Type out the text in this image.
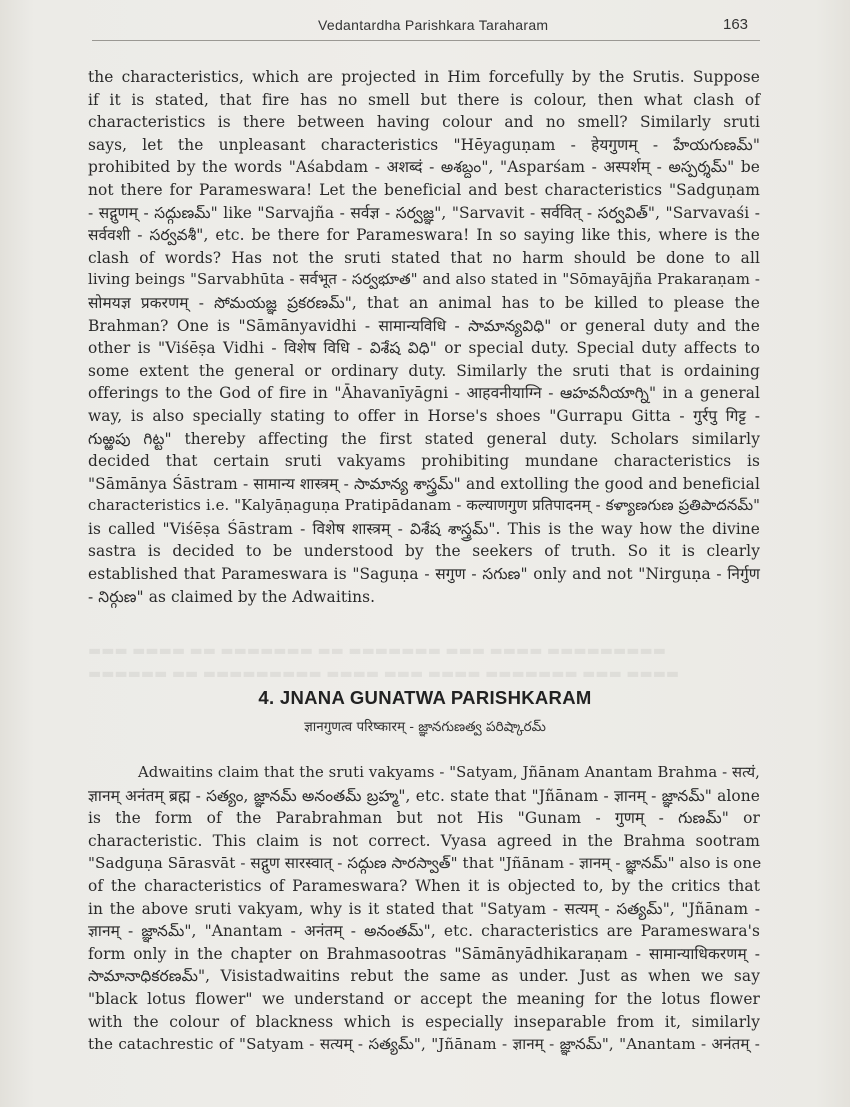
Vedantardha Parishkara Taraharam	163
the characteristics, which are projected in Him forcefully by the Srutis. Suppose
if it is stated, that fire has no smell but there is colour, then what clash of
characteristics is there between having colour and no smell? Similarly sruti
says, let the unpleasant characteristics "Hēyaguṇam - हेयगुणम् - హేయగుణమ్"
prohibited by the words "Aśabdam - अशब्दं - అశబ్దం", "Asparśam - अस्पर्शम् - అస్పర్శమ్" be
not there for Parameswara! Let the beneficial and best characteristics "Sadguṇam
- सद्गुणम् - సద్గుణమ్" like "Sarvajña - सर्वज्ञ - సర్వజ్ఞ", "Sarvavit - सर्ववित् - సర్వవిత్", "Sarvavaśi -
सर्ववशी - సర్వవశీ", etc. be there for Parameswara! In so saying like this, where is the
clash of words? Has not the sruti stated that no harm should be done to all
living beings "Sarvabhūta - सर्वभूत - సర్వభూత" and also stated in "Sōmayājña Prakaraṇam -
सोमयज्ञ प्रकरणम् - సోమయజ్ఞ ప్రకరణమ్", that an animal has to be killed to please the
Brahman? One is "Sāmānyavidhi - सामान्यविधि - సామాన్యవిధి" or general duty and the
other is "Viśēṣa Vidhi - विशेष विधि - విశేష విధి" or special duty. Special duty affects to
some extent the general or ordinary duty. Similarly the sruti that is ordaining
offerings to the God of fire in "Āhavanīyāgni - आहवनीयाग्नि - ఆహవనీయాగ్ని" in a general
way, is also specially stating to offer in Horse's shoes "Gurrapu Gitta - गुर्रपु गिट्ट -
గుఱ్ఱపు గిట్ట" thereby affecting the first stated general duty. Scholars similarly
decided that certain sruti vakyams prohibiting mundane characteristics is
"Sāmānya Śāstram - सामान्य शास्त्रम् - సామాన్య శాస్త్రమ్" and extolling the good and beneficial
characteristics i.e. "Kalyāṇaguṇa Pratipādanam - कल्याणगुण प्रतिपादनम् - కళ్యాణగుణ ప్రతిపాదనమ్"
is called "Viśēṣa Śāstram - विशेष शास्त्रम् - విశేష శాస్త్రమ్". This is the way how the divine
sastra is decided to be understood by the seekers of truth. So it is clearly
established that Parameswara is "Saguṇa - सगुण - సగుణ" only and not "Nirguṇa - निर्गुण
- నిర్గుణ" as claimed by the Adwaitins.
▬▬▬ ▬▬▬▬ ▬▬ ▬▬▬▬▬▬▬ ▬▬ ▬▬▬▬▬▬▬ ▬▬▬ ▬▬▬▬ ▬▬▬▬▬▬▬▬▬
▬▬▬▬▬▬ ▬▬ ▬▬▬▬▬▬▬▬▬ ▬▬▬▬ ▬▬▬ ▬▬▬▬ ▬▬▬▬▬▬▬ ▬▬▬ ▬▬▬▬
4. JNANA GUNATWA PARISHKARAM
ज्ञानगुणत्व परिष्कारम् - జ్ఞానగుణత్వ పరిష్కారమ్
Adwaitins claim that the sruti vakyams - "Satyam, Jñānam Anantam Brahma - सत्यं,
ज्ञानम् अनंतम् ब्रह्म - సత్యం, జ్ఞానమ్ అనంతమ్ బ్రహ్మ", etc. state that "Jñānam - ज्ञानम् - జ్ఞానమ్" alone
is the form of the Parabrahman but not His "Gunam - गुणम् - గుణమ్" or
characteristic. This claim is not correct. Vyasa agreed in the Brahma sootram
"Sadguṇa Sārasvāt - सद्गुण सारस्वात् - సద్గుణ సారస్వాత్" that "Jñānam - ज्ञानम् - జ్ఞానమ్" also is one
of the characteristics of Parameswara? When it is objected to, by the critics that
in the above sruti vakyam, why is it stated that "Satyam - सत्यम् - సత్యమ్", "Jñānam -
ज्ञानम् - జ్ఞానమ్", "Anantam - अनंतम् - అనంతమ్", etc. characteristics are Parameswara's
form only in the chapter on Brahmasootras "Sāmānyādhikaraṇam - सामान्याधिकरणम् -
సామానాధికరణమ్", Visistadwaitins rebut the same as under. Just as when we say
"black lotus flower" we understand or accept the meaning for the lotus flower
with the colour of blackness which is especially inseparable from it, similarly
the catachrestic of "Satyam - सत्यम् - సత్యమ్", "Jñānam - ज्ञानम् - జ్ఞానమ్", "Anantam - अनंतम् -
